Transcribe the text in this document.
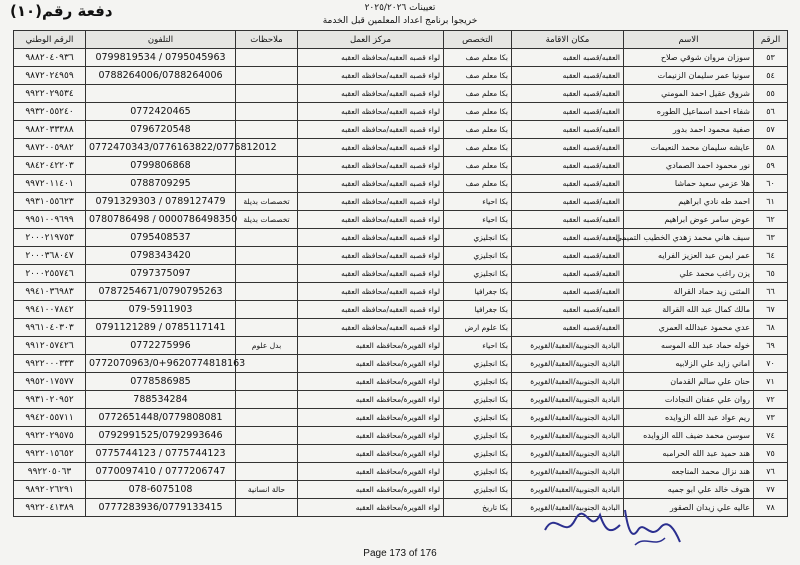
دفعة رقم(١٠)	تعيينات ٢٠٢٥/٢٠٢٦
خريجوا برنامج اعداد المعلمين قبل الخدمة
الرقم	الاسم	مكان الاقامة	التخصص	مركز العمل	ملاحظات	التلفون	الرقم الوطني
٥٣	سوزان مروان شوقي صلاح	العقبه/قصبه العقبه	بكا معلم صف	لواء قصبه العقبه/محافظه العقبه		0799819534 / 0795045963	٩٨٨٢٠٤٠٩٣٦
٥٤	سونيا عمر سليمان الزنيمات	العقبه/قصبه العقبه	بكا معلم صف	لواء قصبه العقبه/محافظه العقبه		0788264006/0788264006	٩٨٧٢٠٢٤٩٥٩
٥٥	شروق عقيل احمد المومني	العقبه/قصبه العقبه	بكا معلم صف	لواء قصبه العقبه/محافظه العقبه			٩٩٢٢٠٢٩٥٣٤
٥٦	شفاء احمد اسماعيل الطوره	العقبه/قصبه العقبه	بكا معلم صف	لواء قصبه العقبه/محافظه العقبه		0772420465	٩٩٣٢٠٥٥٢٤٠
٥٧	صفية محمود احمد بدور	العقبه/قصبه العقبه	بكا معلم صف	لواء قصبه العقبه/محافظه العقبه		0796720548	٩٨٨٢٠٣٣٣٨٨
٥٨	عايشه سليمان محمد النعيمات	العقبه/قصبه العقبه	بكا معلم صف	لواء قصبه العقبه/محافظه العقبه		0772470343/0776163822/0776812012	٩٨٧٢٠٠٥٩٨٢
٥٩	نور محمود احمد الصمادي	العقبه/قصبه العقبه	بكا معلم صف	لواء قصبه العقبه/محافظه العقبه		0799806868	٩٨٤٢٠٤٢٢٠٣
٦٠	هلا عزمي سعيد حماشا	العقبه/قصبه العقبه	بكا معلم صف	لواء قصبه العقبه/محافظه العقبه		0788709295	٩٩٧٢٠١١٤٠١
٦١	احمد طه نادي ابراهيم	العقبه/قصبه العقبه	بكا احياء	لواء قصبه العقبه/محافظه العقبه	تخصصات بديلة	0791329303 / 0789127479	٩٩٣١٠٥٥٦٢٣
٦٢	عوض سامر عوض ابراهيم	العقبه/قصبه العقبه	بكا احياء	لواء قصبه العقبه/محافظه العقبه	تخصصات بديلة	0780786498 / 0000786498350	٩٩٥١٠٠٩٦٩٩
٦٣	سيف هاني محمد زهدي الخطيب التميمي	العقبه/قصبه العقبه	بكا انجليزي	لواء قصبه العقبه/محافظه العقبه		0795408537	٢٠٠٠٢١٩٧٥٣
٦٤	عمر ايمن عبد العزيز الفرايه	العقبه/قصبه العقبه	بكا انجليزي	لواء قصبه العقبه/محافظه العقبه		0798343420	٢٠٠٠٣٦٨٠٤٧
٦٥	يزن راغب محمد علي	العقبه/قصبه العقبه	بكا انجليزي	لواء قصبه العقبه/محافظه العقبه		0797375097	٢٠٠٠٢٥٥٧٤٦
٦٦	المثنى زيد حماد القرالة	العقبه/قصبه العقبه	بكا جغرافيا	لواء قصبه العقبه/محافظه العقبه		0787254671/0790795263	٩٩٤١٠٣٦٩٨٣
٦٧	مالك كمال عبد الله القرالة	العقبه/قصبه العقبه	بكا جغرافيا	لواء قصبه العقبه/محافظه العقبه		079-5911903	٩٩٤١٠٠٧٨٤٢
٦٨	عدي محمود عبدالله العمري	العقبه/قصبه العقبه	بكا علوم ارض	لواء قصبه العقبه/محافظه العقبه		0791121289 / 0785117141	٩٩٦١٠٤٠٣٠٣
٦٩	خوله حماد عبد الله الموسه	البادية الجنوبية/العقبة/القويرة	بكا احياء	لواء القويرة/محافظه العقبه	بدل علوم	0772275996	٩٩١٢٠٥٧٤٢٦
٧٠	اماني زايد علي الزلابيه	البادية الجنوبية/العقبة/القويرة	بكا انجليزي	لواء القويرة/محافظه العقبه		0772070963/0+9620774818163	٩٩٢٢٠٠٠٣٣٣
٧١	حنان علي سالم القدمان	البادية الجنوبية/العقبة/القويرة	بكا انجليزي	لواء القويرة/محافظه العقبه		0778586985	٩٩٥٢٠١٧٥٧٧
٧٢	روان علي عفنان النجادات	البادية الجنوبية/العقبة/القويرة	بكا انجليزي	لواء القويرة/محافظه العقبه		788534284	٩٩٣١٠٢٠٩٥٢
٧٣	ريم عواد عبد الله الزوايده	البادية الجنوبية/العقبة/القويرة	بكا انجليزي	لواء القويرة/محافظه العقبه		0772651448/0779808081	٩٩٤٢٠٥٥٧١١
٧٤	سوسن محمد ضيف الله الزوايده	البادية الجنوبية/العقبة/القويرة	بكا انجليزي	لواء القويرة/محافظه العقبه		0792991525/0792993646	٩٩٢٢٠٢٩٥٧٥
٧٥	هند حميد عبد الله الحرامبه	البادية الجنوبية/العقبة/القويرة	بكا انجليزي	لواء القويرة/محافظه العقبه		0775744123 / 0775744123	٩٩٢٢٠١٥٦٥٢
٧٦	هند نزال محمد المناجعه	البادية الجنوبية/العقبة/القويرة	بكا انجليزي	لواء القويرة/محافظه العقبه		0770097410 / 0777206747	٩٩٢٢٠٥٠٦٣
٧٧	هتوف خالد علي ابو جميه	البادية الجنوبية/العقبة/القويرة	بكا انجليزي	لواء القويرة/محافظه العقبه	حالة انسانية	078-6075108	٩٨٩٢٠٢٦٢٩١
٧٨	عاليه علي زيدان الصقور	البادية الجنوبية/العقبة/القويرة	بكا تاريخ	لواء القويرة/محافظه العقبه		0777283936/0779133415	٩٩٢٢٠٤١٣٨٩
Page 173 of 176
